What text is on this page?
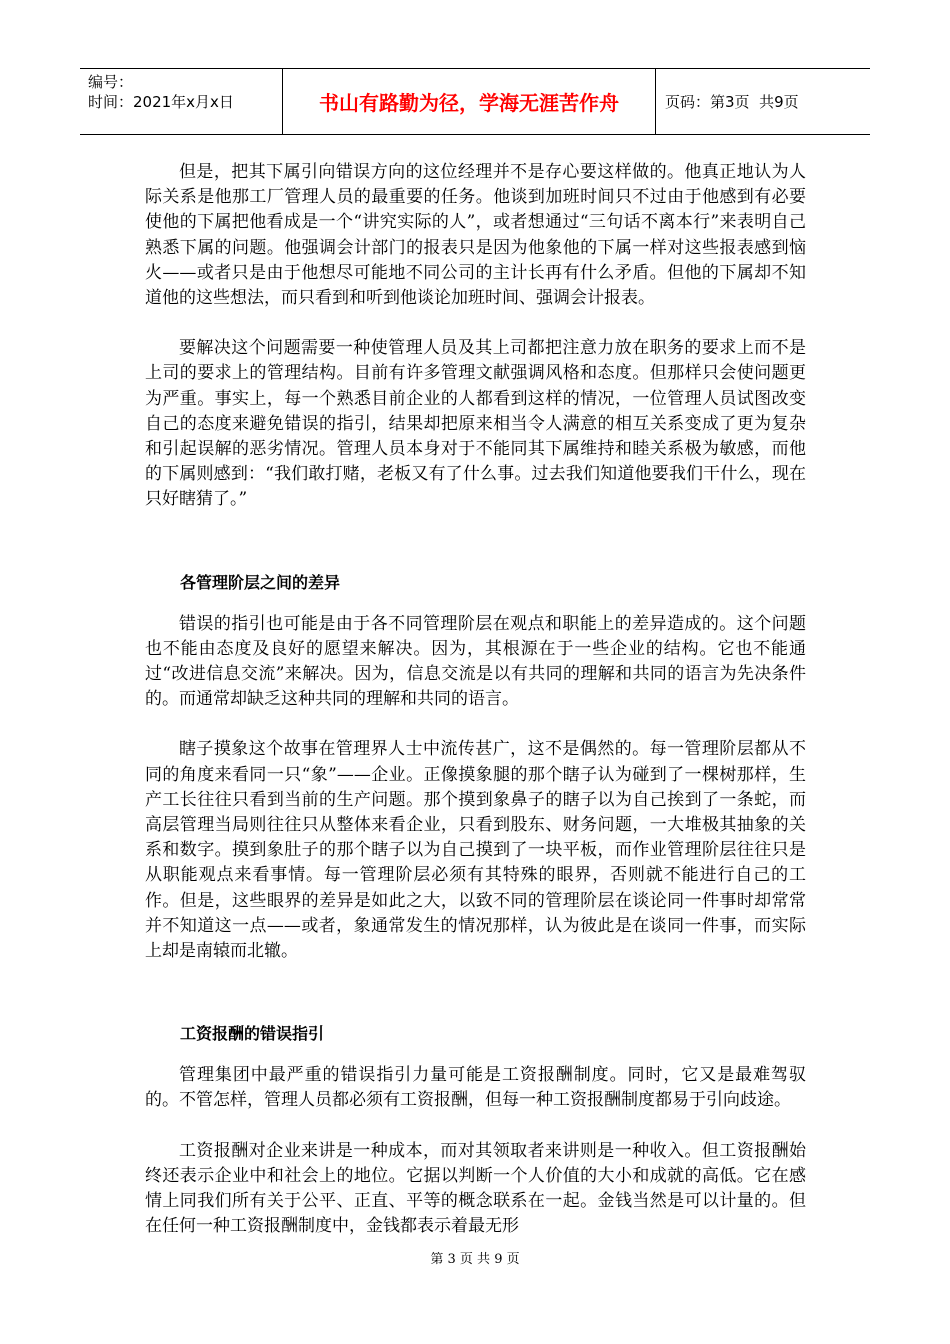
编号：
时间：2021年x月x日	书山有路勤为径，学海无涯苦作舟	页码：第3页  共9页

但是，把其下属引向错误方向的这位经理并不是存心要这样做的。他真正地认为人际关系是他那工厂管理人员的最重要的任务。他谈到加班时间只不过由于他感到有必要使他的下属把他看成是一个“讲究实际的人”，或者想通过“三句话不离本行”来表明自己熟悉下属的问题。他强调会计部门的报表只是因为他象他的下属一样对这些报表感到恼火——或者只是由于他想尽可能地不同公司的主计长再有什么矛盾。但他的下属却不知道他的这些想法，而只看到和听到他谈论加班时间、强调会计报表。

要解决这个问题需要一种使管理人员及其上司都把注意力放在职务的要求上而不是上司的要求上的管理结构。目前有许多管理文献强调风格和态度。但那样只会使问题更为严重。事实上，每一个熟悉目前企业的人都看到这样的情况，一位管理人员试图改变自己的态度来避免错误的指引，结果却把原来相当令人满意的相互关系变成了更为复杂和引起误解的恶劣情况。管理人员本身对于不能同其下属维持和睦关系极为敏感，而他的下属则感到：“我们敢打赌，老板又有了什么事。过去我们知道他要我们干什么，现在只好瞎猜了。”

各管理阶层之间的差异

错误的指引也可能是由于各不同管理阶层在观点和职能上的差异造成的。这个问题也不能由态度及良好的愿望来解决。因为，其根源在于一些企业的结构。它也不能通过“改进信息交流”来解决。因为，信息交流是以有共同的理解和共同的语言为先决条件的。而通常却缺乏这种共同的理解和共同的语言。

瞎子摸象这个故事在管理界人士中流传甚广，这不是偶然的。每一管理阶层都从不同的角度来看同一只“象”——企业。正像摸象腿的那个瞎子认为碰到了一棵树那样，生产工长往往只看到当前的生产问题。那个摸到象鼻子的瞎子以为自己挨到了一条蛇，而高层管理当局则往往只从整体来看企业，只看到股东、财务问题，一大堆极其抽象的关系和数字。摸到象肚子的那个瞎子以为自己摸到了一块平板，而作业管理阶层往往只是从职能观点来看事情。每一管理阶层必须有其特殊的眼界，否则就不能进行自己的工作。但是，这些眼界的差异是如此之大，以致不同的管理阶层在谈论同一件事时却常常并不知道这一点——或者，象通常发生的情况那样，认为彼此是在谈同一件事，而实际上却是南辕而北辙。

工资报酬的错误指引

管理集团中最严重的错误指引力量可能是工资报酬制度。同时，它又是最难驾驭的。不管怎样，管理人员都必须有工资报酬，但每一种工资报酬制度都易于引向歧途。

工资报酬对企业来讲是一种成本，而对其领取者来讲则是一种收入。但工资报酬始终还表示企业中和社会上的地位。它据以判断一个人价值的大小和成就的高低。它在感情上同我们所有关于公平、正直、平等的概念联系在一起。金钱当然是可以计量的。但在任何一种工资报酬制度中，金钱都表示着最无形

第 3 页 共 9 页
